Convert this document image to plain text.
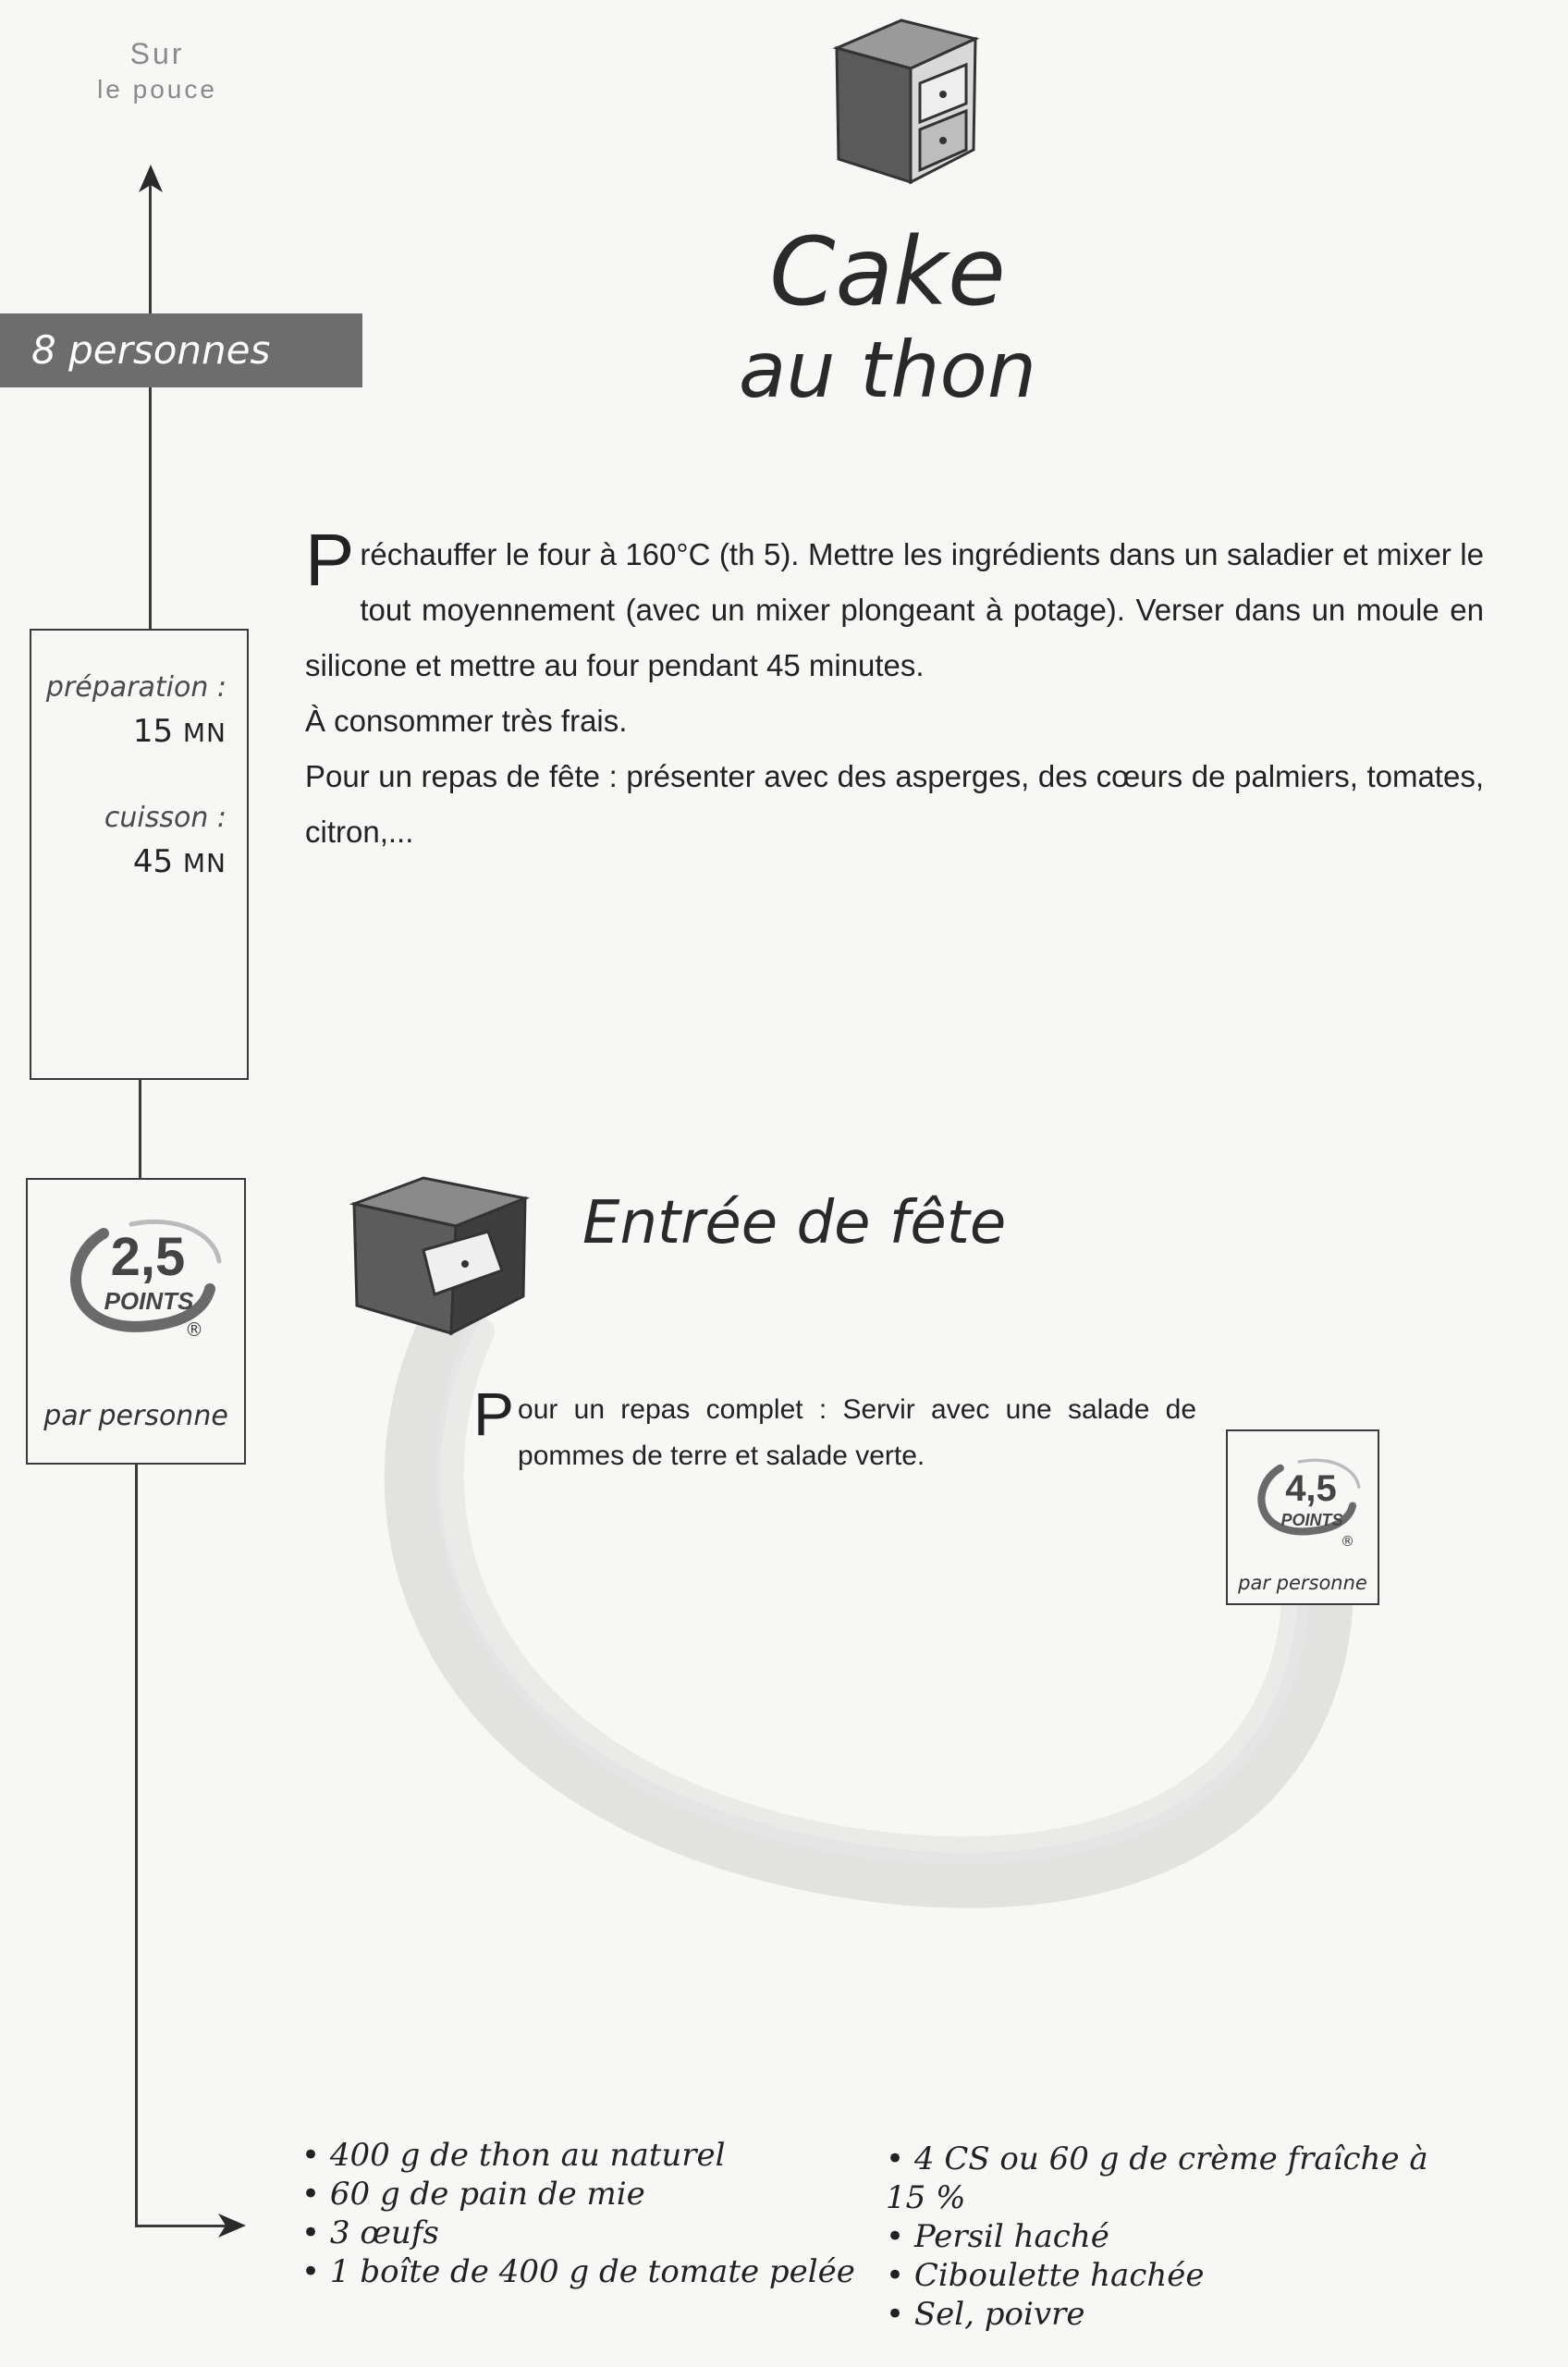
Sur
le pouce
8 personnes
préparation :
15 MN
cuisson :
45 MN
2,5
POINTS
®
par personne
Cake
au thon
P réchauffer le four à 160°C (th 5). Mettre les ingrédients dans un saladier et mixer le tout moyennement (avec un mixer plongeant à potage). Verser dans un moule en silicone et mettre au four pendant 45 minutes.
À consommer très frais.
Pour un repas de fête : présenter avec des asperges, des cœurs de palmiers, tomates, citron,...
Entrée de fête
P our un repas complet : Servir avec une salade de pommes de terre et salade verte.
4,5
POINTS
®
par personne
• 400 g de thon au naturel
• 60 g de pain de mie
• 3 œufs
• 1 boîte de 400 g de tomate pelée
• 4 CS ou 60 g de crème fraîche à 15 %
• Persil haché
• Ciboulette hachée
• Sel, poivre
